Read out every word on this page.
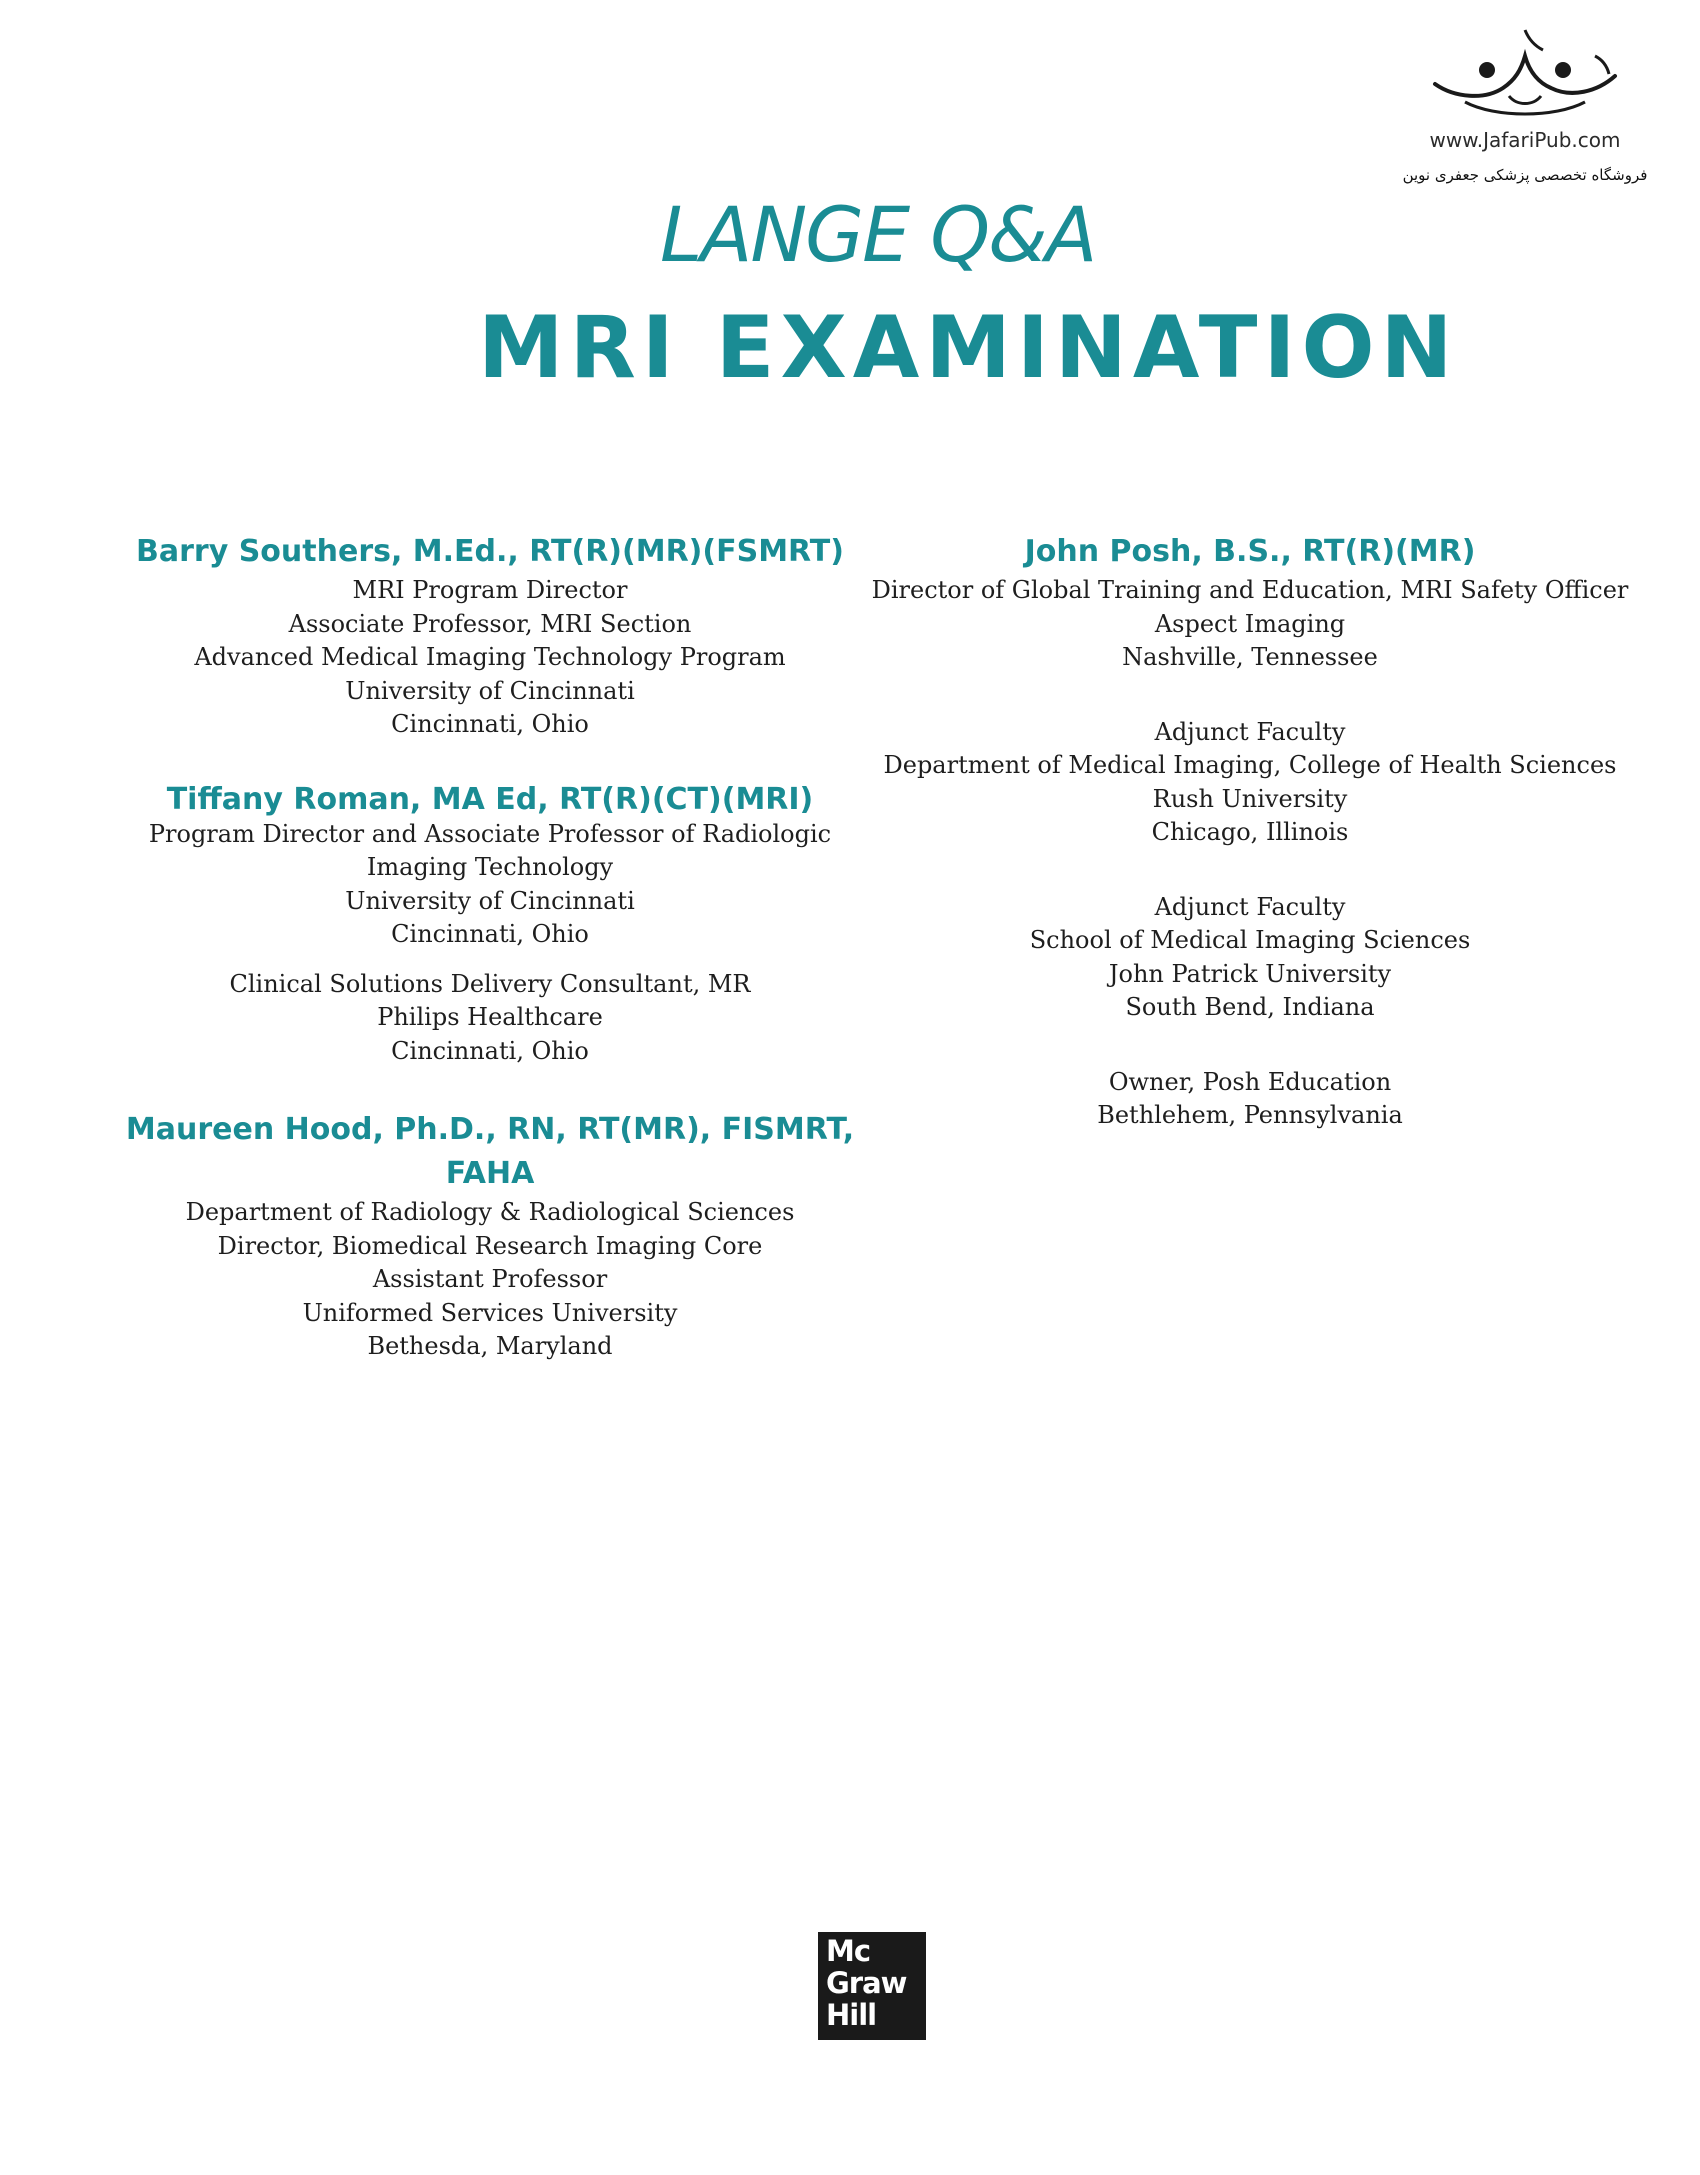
www.JafariPub.com
فروشگاه تخصصی پزشکی جعفری نوین
LANGE Q&A
MRI EXAMINATION

Barry Southers, M.Ed., RT(R)(MR)(FSMRT)

MRI Program Director

Associate Professor, MRI Section

Advanced Medical Imaging Technology Program

University of Cincinnati

Cincinnati, Ohio

Tiffany Roman, MA Ed, RT(R)(CT)(MRI)

Program Director and Associate Professor of Radiologic

Imaging Technology

University of Cincinnati

Cincinnati, Ohio

Clinical Solutions Delivery Consultant, MR

Philips Healthcare

Cincinnati, Ohio

Maureen Hood, Ph.D., RN, RT(MR), FISMRT, FAHA

Department of Radiology & Radiological Sciences

Director, Biomedical Research Imaging Core

Assistant Professor

Uniformed Services University

Bethesda, Maryland

John Posh, B.S., RT(R)(MR)

Director of Global Training and Education, MRI Safety Officer

Aspect Imaging

Nashville, Tennessee

Adjunct Faculty

Department of Medical Imaging, College of Health Sciences

Rush University

Chicago, Illinois

Adjunct Faculty

School of Medical Imaging Sciences

John Patrick University

South Bend, Indiana

Owner, Posh Education

Bethlehem, Pennsylvania

Mc
Graw
Hill
